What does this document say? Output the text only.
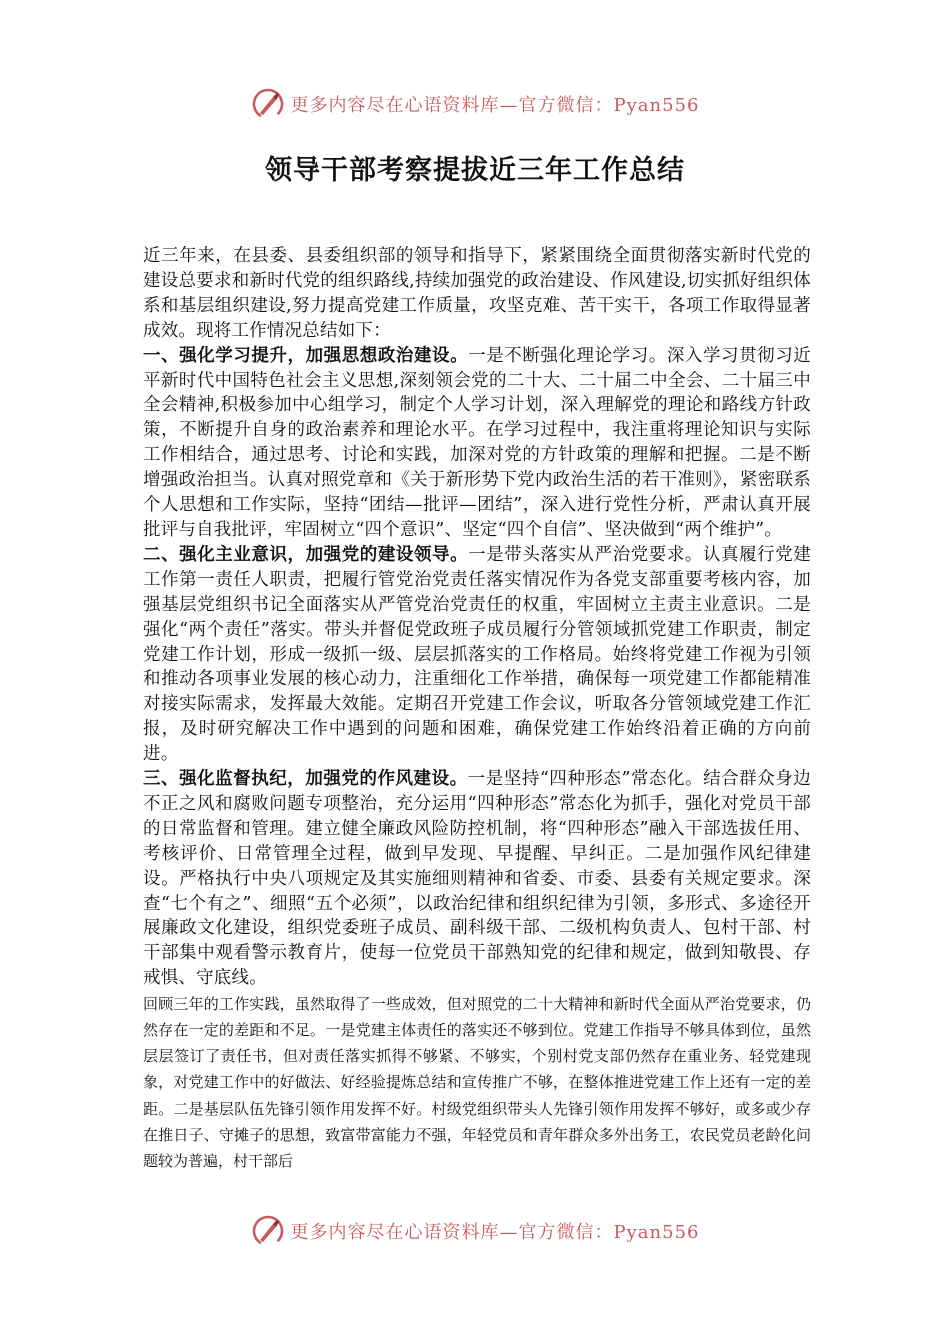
更多内容尽在心语资料库—官方微信：Pyan556
领导干部考察提拔近三年工作总结

近三年来，在县委、县委组织部的领导和指导下，紧紧围绕全面贯彻落实新时代党的建设总要求和新时代党的组织路线,持续加强党的政治建设、作风建设,切实抓好组织体系和基层组织建设,努力提高党建工作质量，攻坚克难、苦干实干，各项工作取得显著成效。现将工作情况总结如下：

一、强化学习提升，加强思想政治建设。一是不断强化理论学习。深入学习贯彻习近平新时代中国特色社会主义思想,深刻领会党的二十大、二十届二中全会、二十届三中全会精神,积极参加中心组学习，制定个人学习计划，深入理解党的理论和路线方针政策，不断提升自身的政治素养和理论水平。在学习过程中，我注重将理论知识与实际工作相结合，通过思考、讨论和实践，加深对党的方针政策的理解和把握。二是不断增强政治担当。认真对照党章和《关于新形势下党内政治生活的若干准则》，紧密联系个人思想和工作实际，坚持“团结—批评—团结”，深入进行党性分析，严肃认真开展批评与自我批评，牢固树立“四个意识”、坚定“四个自信”、坚决做到“两个维护”。

二、强化主业意识，加强党的建设领导。一是带头落实从严治党要求。认真履行党建工作第一责任人职责，把履行管党治党责任落实情况作为各党支部重要考核内容，加强基层党组织书记全面落实从严管党治党责任的权重，牢固树立主责主业意识。二是强化“两个责任”落实。带头并督促党政班子成员履行分管领域抓党建工作职责，制定党建工作计划，形成一级抓一级、层层抓落实的工作格局。始终将党建工作视为引领和推动各项事业发展的核心动力，注重细化工作举措，确保每一项党建工作都能精准对接实际需求，发挥最大效能。定期召开党建工作会议，听取各分管领域党建工作汇报，及时研究解决工作中遇到的问题和困难，确保党建工作始终沿着正确的方向前进。

三、强化监督执纪，加强党的作风建设。一是坚持“四种形态”常态化。结合群众身边不正之风和腐败问题专项整治，充分运用“四种形态”常态化为抓手，强化对党员干部的日常监督和管理。建立健全廉政风险防控机制，将“四种形态”融入干部选拔任用、考核评价、日常管理全过程，做到早发现、早提醒、早纠正。二是加强作风纪律建设。严格执行中央八项规定及其实施细则精神和省委、市委、县委有关规定要求。深查“七个有之”、细照“五个必须”，以政治纪律和组织纪律为引领，多形式、多途径开展廉政文化建设，组织党委班子成员、副科级干部、二级机构负责人、包村干部、村干部集中观看警示教育片，使每一位党员干部熟知党的纪律和规定，做到知敬畏、存戒惧、守底线。

回顾三年的工作实践，虽然取得了一些成效，但对照党的二十大精神和新时代全面从严治党要求，仍然存在一定的差距和不足。一是党建主体责任的落实还不够到位。党建工作指导不够具体到位，虽然层层签订了责任书，但对责任落实抓得不够紧、不够实，个别村党支部仍然存在重业务、轻党建现象，对党建工作中的好做法、好经验提炼总结和宣传推广不够，在整体推进党建工作上还有一定的差距。二是基层队伍先锋引领作用发挥不好。村级党组织带头人先锋引领作用发挥不够好，或多或少存在推日子、守摊子的思想，致富带富能力不强，年轻党员和青年群众多外出务工，农民党员老龄化问题较为普遍，村干部后

更多内容尽在心语资料库—官方微信：Pyan556
